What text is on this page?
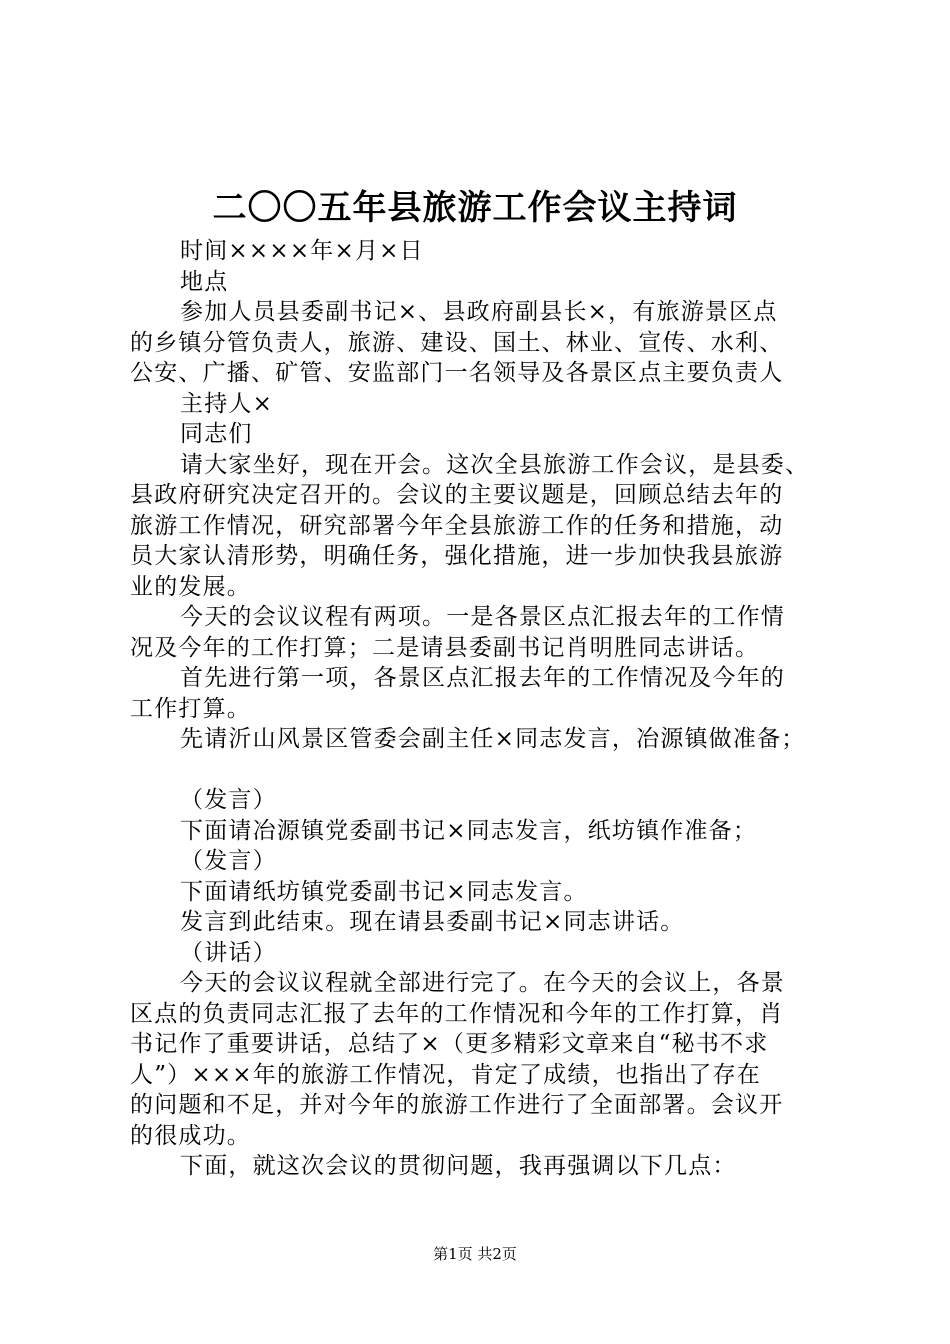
二〇〇五年县旅游工作会议主持词
时间××××年×月×日
地点
参加人员县委副书记×、县政府副县长×，有旅游景区点
的乡镇分管负责人，旅游、建设、国土、林业、宣传、水利、
公安、广播、矿管、安监部门一名领导及各景区点主要负责人
主持人×
同志们
请大家坐好，现在开会。这次全县旅游工作会议，是县委、
县政府研究决定召开的。会议的主要议题是，回顾总结去年的
旅游工作情况，研究部署今年全县旅游工作的任务和措施，动
员大家认清形势，明确任务，强化措施，进一步加快我县旅游
业的发展。
今天的会议议程有两项。一是各景区点汇报去年的工作情
况及今年的工作打算；二是请县委副书记肖明胜同志讲话。
首先进行第一项，各景区点汇报去年的工作情况及今年的
工作打算。
先请沂山风景区管委会副主任×同志发言，冶源镇做准备；
（发言）
下面请冶源镇党委副书记×同志发言，纸坊镇作准备；
（发言）
下面请纸坊镇党委副书记×同志发言。
发言到此结束。现在请县委副书记×同志讲话。
（讲话）
今天的会议议程就全部进行完了。在今天的会议上，各景
区点的负责同志汇报了去年的工作情况和今年的工作打算，肖
书记作了重要讲话，总结了×（更多精彩文章来自“秘书不求
人”）×××年的旅游工作情况，肯定了成绩，也指出了存在
的问题和不足，并对今年的旅游工作进行了全面部署。会议开
的很成功。
下面，就这次会议的贯彻问题，我再强调以下几点：
第1页 共2页
